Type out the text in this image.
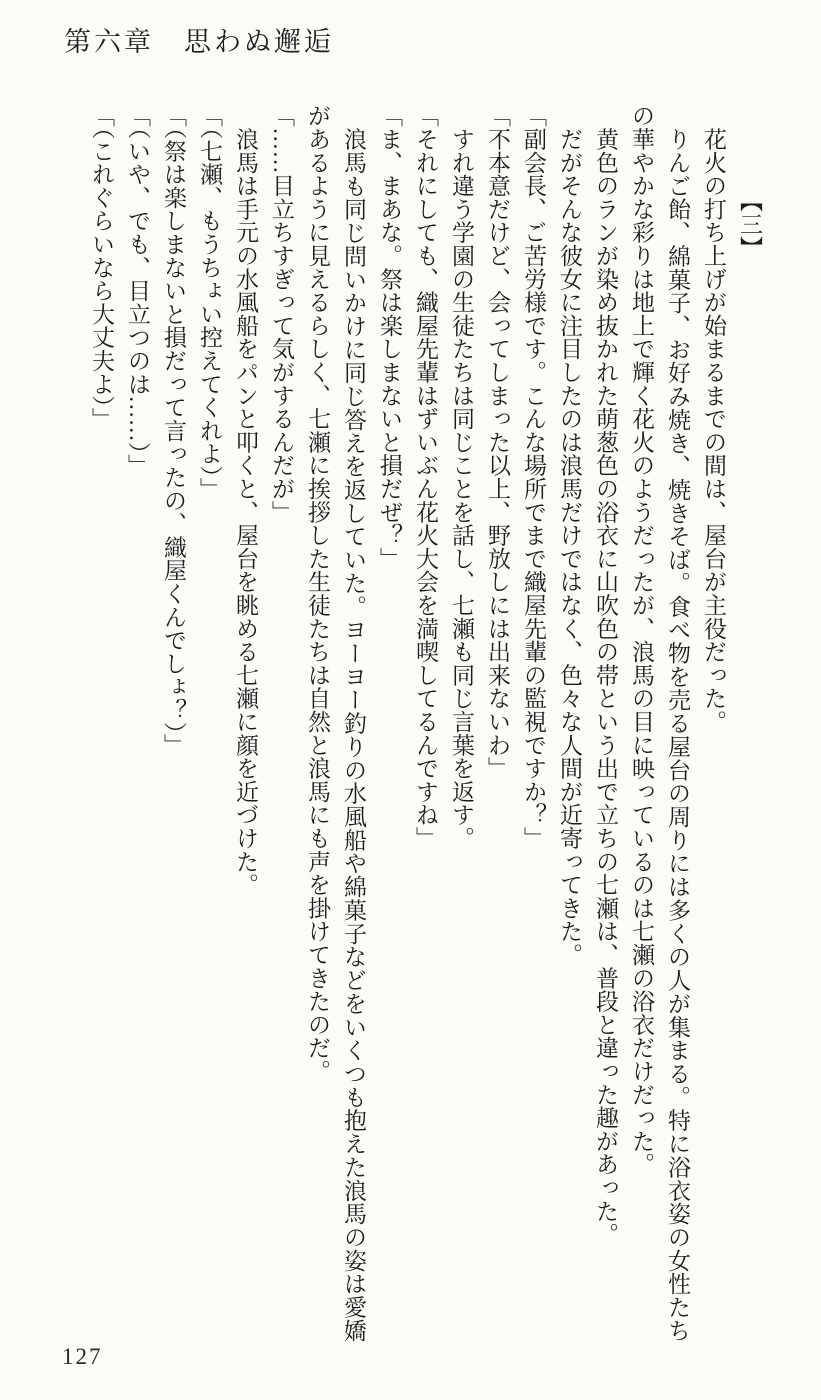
第六章　思わぬ邂逅

【三】

　花火の打ち上げが始まるまでの間は、屋台が主役だった。

　りんご飴、綿菓子、お好み焼き、焼きそば。食べ物を売る屋台の周りには多くの人が集まる。特に浴衣姿の女性たちの華やかな彩りは地上で輝く花火のようだったが、浪馬の目に映っているのは七瀬の浴衣だけだった。

　黄色のランが染め抜かれた萌葱色の浴衣に山吹色の帯という出で立ちの七瀬は、普段と違った趣があった。

　だがそんな彼女に注目したのは浪馬だけではなく、色々な人間が近寄ってきた。

「副会長、ご苦労様です。こんな場所でまで織屋先輩の監視ですか？」

「不本意だけど、会ってしまった以上、野放しには出来ないわ」

　すれ違う学園の生徒たちは同じことを話し、七瀬も同じ言葉を返す。

「それにしても、織屋先輩はずいぶん花火大会を満喫してるんですね」

「ま、まあな。祭は楽しまないと損だぜ？」

　浪馬も同じ問いかけに同じ答えを返していた。ヨーヨー釣りの水風船や綿菓子などをいくつも抱えた浪馬の姿は愛嬌があるように見えるらしく、七瀬に挨拶した生徒たちは自然と浪馬にも声を掛けてきたのだ。

「……目立ちすぎって気がするんだが」

　浪馬は手元の水風船をパンと叩くと、屋台を眺める七瀬に顔を近づけた。

「（七瀬、もうちょい控えてくれよ）」

「（祭は楽しまないと損だって言ったの、織屋くんでしょ？）」

「（いや、でも、目立つのは……）」

「（これぐらいなら大丈夫よ）」

127
